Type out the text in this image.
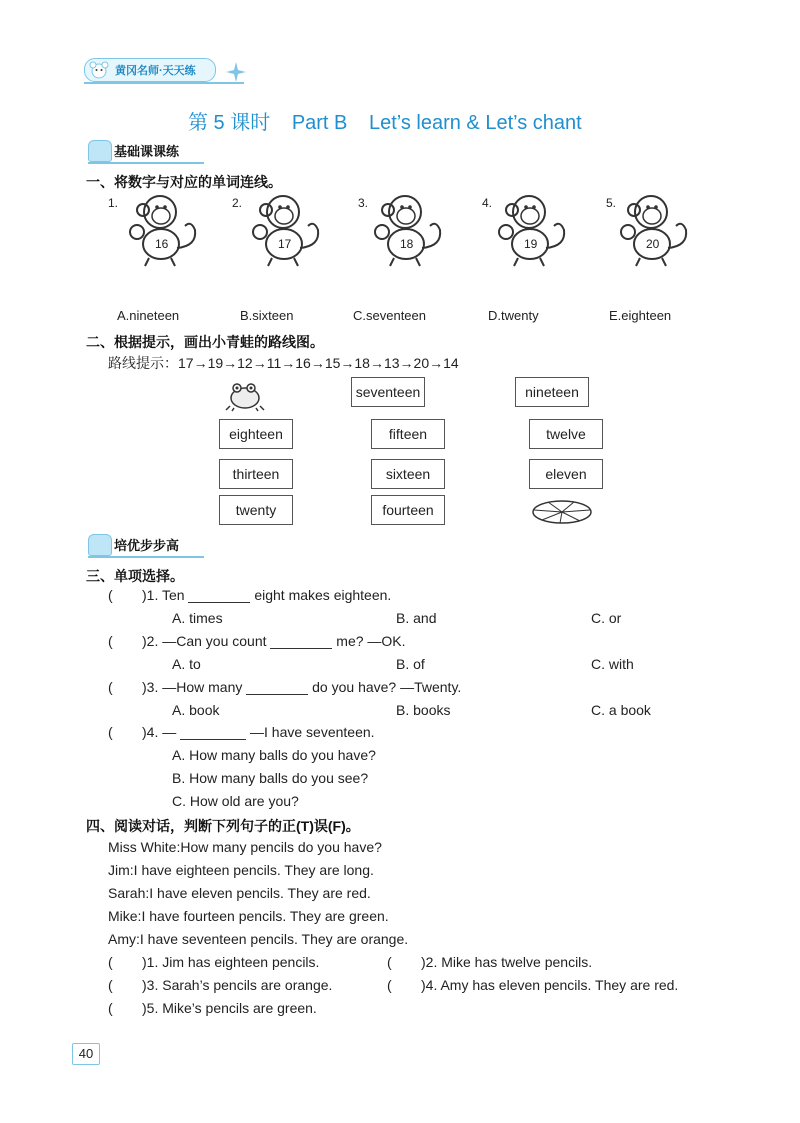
黄冈名师·天天练
第 5 课时 Part B Let’s learn & Let’s chant
基础课课练
一、将数字与对应的单词连线。
1.
16
2.
17
3.
18
4.
19
5.
20
A.nineteen	B.sixteen	C.seventeen	D.twenty	E.eighteen
二、根据提示，画出小青蛙的路线图。
路线提示：17→19→12→11→16→15→18→13→20→14
seventeen	nineteen
eighteen	fifteen	twelve
thirteen	sixteen	eleven
twenty	fourteen
培优步步高
三、单项选择。
( )1. Ten	eight makes eighteen.
A. times	B. and	C. or
( )2. —Can you count	me? —OK.
A. to	B. of	C. with
( )3. —How many	do you have? —Twenty.
A. book	B. books	C. a book
( )4. —	—I have seventeen.
A. How many balls do you have?
B. How many balls do you see?
C. How old are you?
四、阅读对话，判断下列句子的正(T)误(F)。
Miss White:How many pencils do you have?
Jim:I have eighteen pencils. They are long.
Sarah:I have eleven pencils. They are red.
Mike:I have fourteen pencils. They are green.
Amy:I have seventeen pencils. They are orange.
( )1. Jim has eighteen pencils.	( )2. Mike has twelve pencils.
( )3. Sarah’s pencils are orange.	( )4. Amy has eleven pencils. They are red.
( )5. Mike’s pencils are green.
40
